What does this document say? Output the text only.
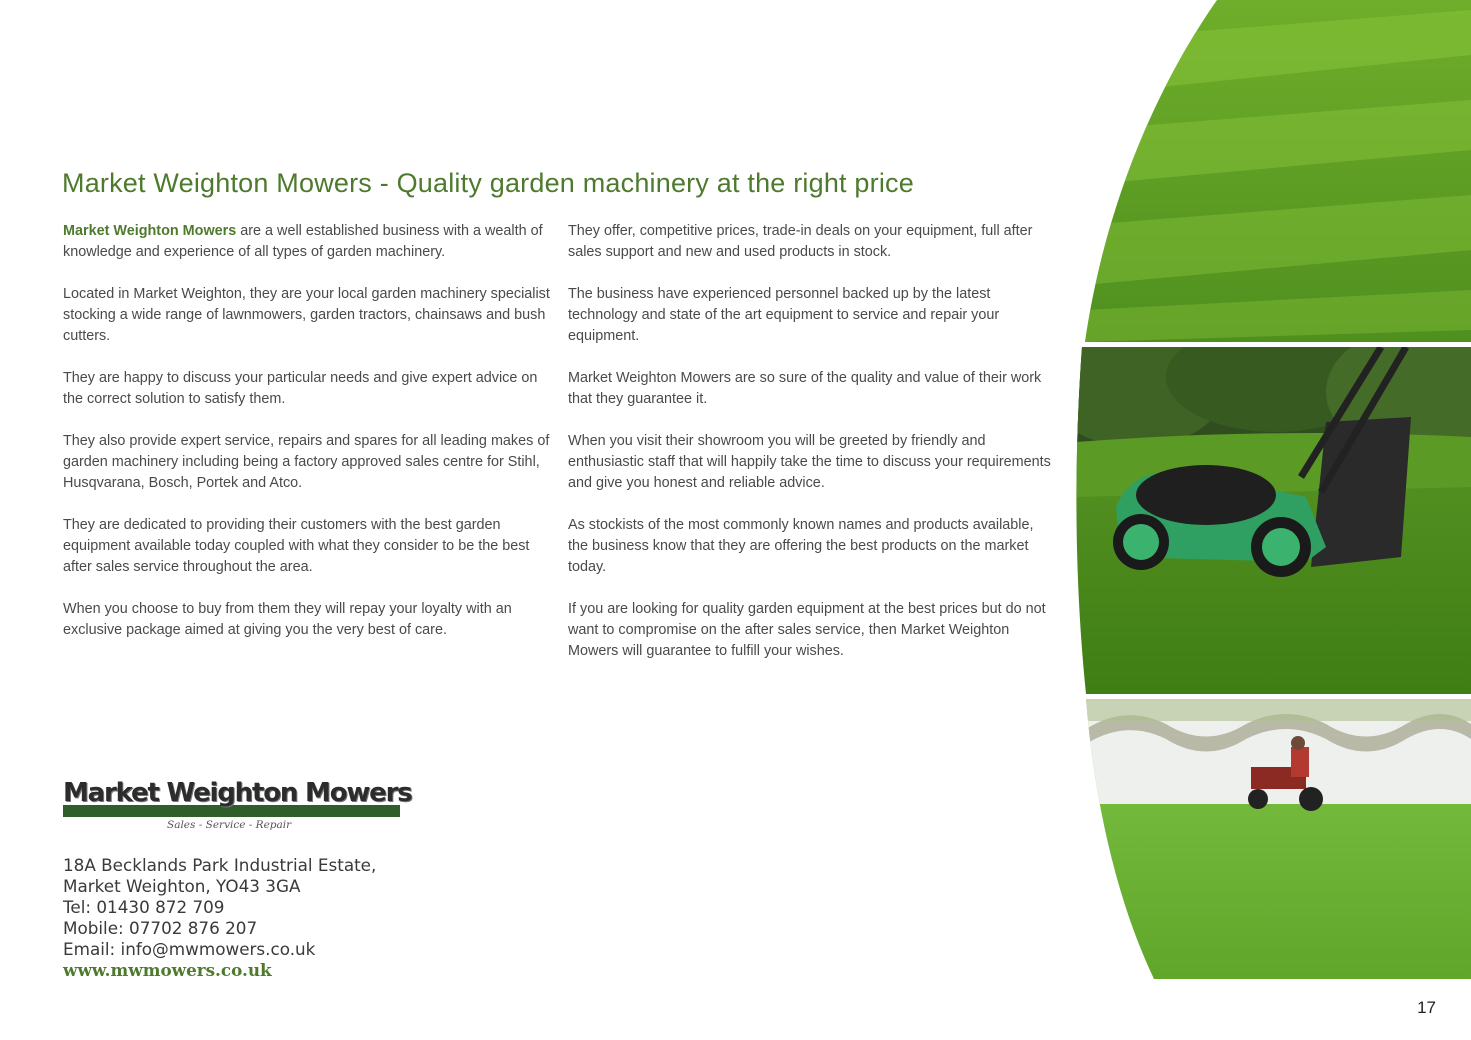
Market Weighton Mowers - Quality garden machinery at the right price

Market Weighton Mowers are a well established business with a wealth of knowledge and experience of all types of garden machinery.

Located in Market Weighton, they are your local garden machinery specialist stocking a wide range of lawnmowers, garden tractors, chainsaws and bush cutters.

They are happy to discuss your particular needs and give expert advice on the correct solution to satisfy them.

They also provide expert service, repairs and spares for all leading makes of garden machinery including being a factory approved sales centre for Stihl, Husqvarana, Bosch, Portek and Atco.

They are dedicated to providing their customers with the best garden equipment available today coupled with what they consider to be the best after sales service throughout the area.

When you choose to buy from them they will repay your loyalty with an exclusive package aimed at giving you the very best of care.

They offer, competitive prices, trade-in deals on your equipment, full after sales support and new and used products in stock.

The business have experienced personnel backed up by the latest technology and state of the art equipment to service and repair your equipment.

Market Weighton Mowers are so sure of the quality and value of their work that they guarantee it.

When you visit their showroom you will be greeted by friendly and enthusiastic staff that will happily take the time to discuss your requirements and give you honest and reliable advice.

As stockists of the most commonly known names and products available, the business know that they are offering the best products on the market today.

If you are looking for quality garden equipment at the best prices but do not want to compromise on the after sales service, then Market Weighton Mowers will guarantee to fulfill your wishes.

Market Weighton Mowers
Sales - Service - Repair
18A Becklands Park Industrial Estate,
Market Weighton, YO43 3GA
Tel: 01430 872 709
Mobile: 07702 876 207
Email: info@mwmowers.co.uk
www.mwmowers.co.uk
17
